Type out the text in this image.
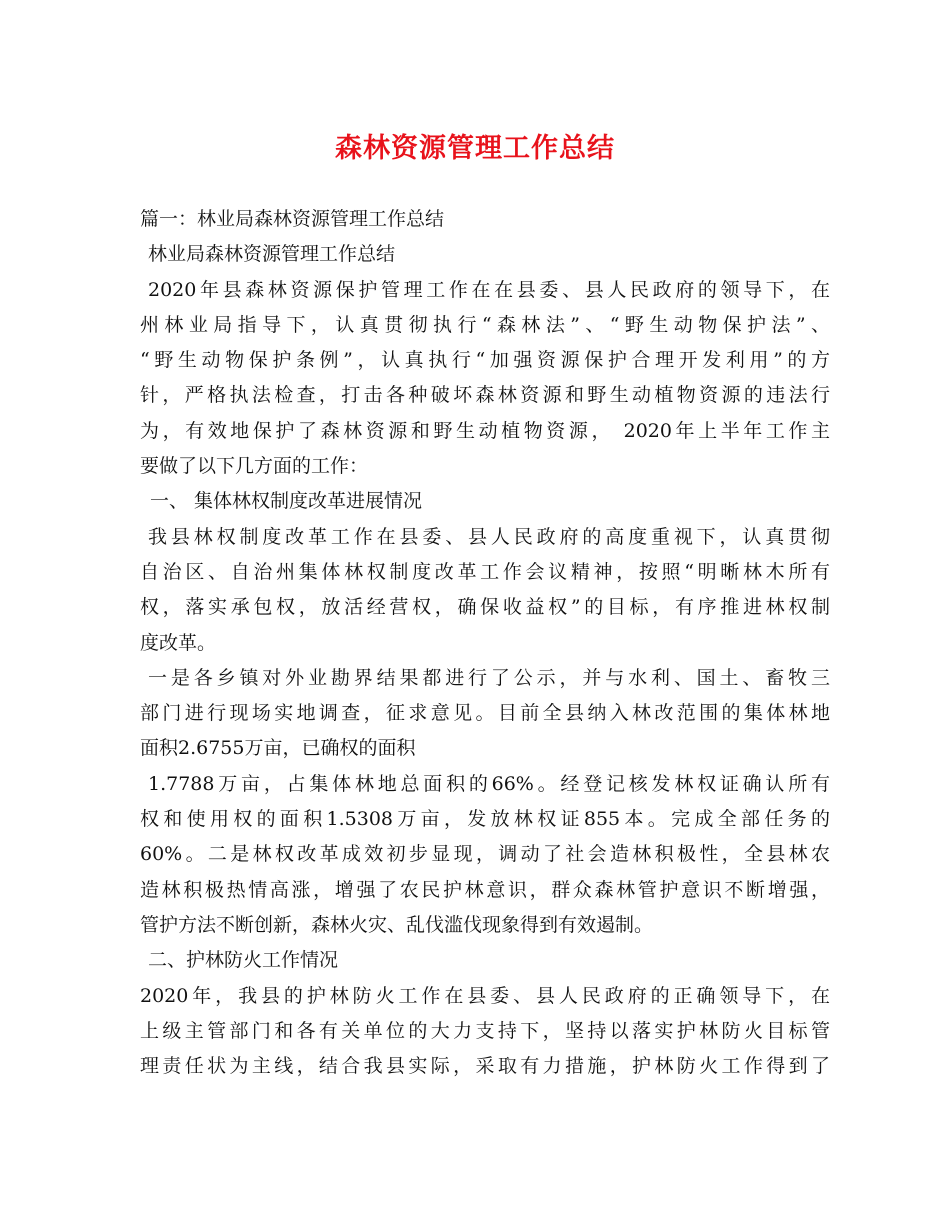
森林资源管理工作总结
篇一：林业局森林资源管理工作总结
林业局森林资源管理工作总结
2020年县森林资源保护管理工作在在县委、县人民政府的领导下，在
州林业局指导下，认真贯彻执行“森林法”、“野生动物保护法”、
“野生动物保护条例”，认真执行“加强资源保护合理开发利用”的方
针，严格执法检查，打击各种破坏森林资源和野生动植物资源的违法行
为，有效地保护了森林资源和野生动植物资源， 2020年上半年工作主
要做了以下几方面的工作：
一、 集体林权制度改革进展情况
我县林权制度改革工作在县委、县人民政府的高度重视下，认真贯彻
自治区、自治州集体林权制度改革工作会议精神，按照“明晰林木所有
权，落实承包权，放活经营权，确保收益权”的目标，有序推进林权制
度改革。
一是各乡镇对外业勘界结果都进行了公示，并与水利、国土、畜牧三
部门进行现场实地调查，征求意见。目前全县纳入林改范围的集体林地
面积2.6755万亩，已确权的面积
1.7788万亩，占集体林地总面积的66%。经登记核发林权证确认所有
权和使用权的面积1.5308万亩，发放林权证855本。完成全部任务的
60%。二是林权改革成效初步显现，调动了社会造林积极性，全县林农
造林积极热情高涨，增强了农民护林意识，群众森林管护意识不断增强，
管护方法不断创新，森林火灾、乱伐滥伐现象得到有效遏制。
二、护林防火工作情况
2020年，我县的护林防火工作在县委、县人民政府的正确领导下，在
上级主管部门和各有关单位的大力支持下，坚持以落实护林防火目标管
理责任状为主线，结合我县实际，采取有力措施，护林防火工作得到了
